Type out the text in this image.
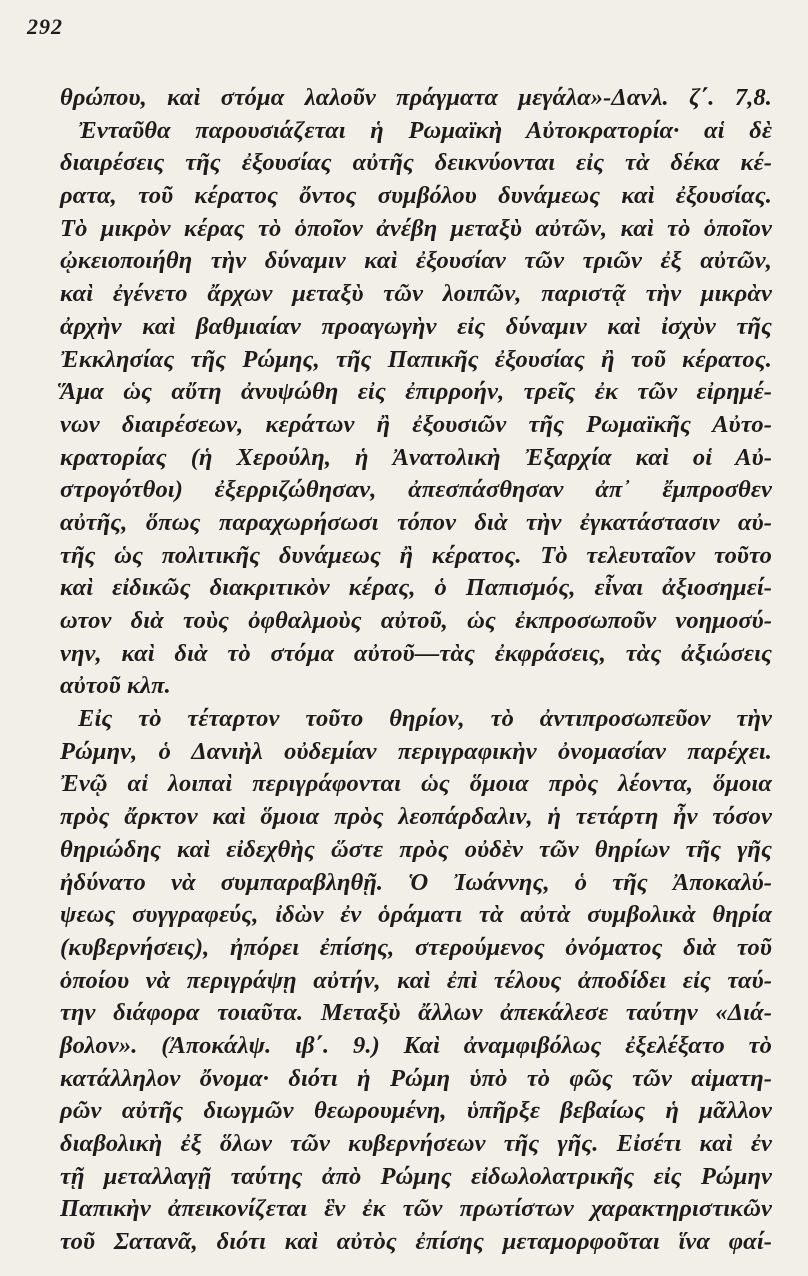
292
θρώπου, καὶ στόμα λαλοῦν πράγματα μεγάλα»-Δανλ. ζ΄. 7,8.
Ἐνταῦθα παρουσιάζεται ἡ Ρωμαϊκὴ Αὐτοκρατορία· αἱ δὲ
διαιρέσεις τῆς ἐξουσίας αὐτῆς δεικνύονται εἰς τὰ δέκα κέ-
ρατα, τοῦ κέρατος ὄντος συμβόλου δυνάμεως καὶ ἐξουσίας.
Τὸ μικρὸν κέρας τὸ ὁποῖον ἀνέβη μεταξὺ αὐτῶν, καὶ τὸ ὁποῖον
ᾠκειοποιήθη τὴν δύναμιν καὶ ἐξουσίαν τῶν τριῶν ἐξ αὐτῶν,
καὶ ἐγένετο ἄρχων μεταξὺ τῶν λοιπῶν, παριστᾷ τὴν μικρὰν
ἀρχὴν καὶ βαθμιαίαν προαγωγὴν εἰς δύναμιν καὶ ἰσχὺν τῆς
Ἐκκλησίας τῆς Ρώμης, τῆς Παπικῆς ἐξουσίας ἢ τοῦ κέρατος.
Ἅμα ὡς αὔτη ἀνυψώθη εἰς ἐπιρροήν, τρεῖς ἐκ τῶν εἰρημέ-
νων διαιρέσεων, κεράτων ἢ ἐξουσιῶν τῆς Ρωμαϊκῆς Αὐτο-
κρατορίας (ἡ Χερούλη, ἡ Ἀνατολικὴ Ἐξαρχία καὶ οἱ Αὐ-
στρογότθοι) ἐξερριζώθησαν, ἀπεσπάσθησαν ἀπ᾽ ἔμπροσθεν
αὐτῆς, ὅπως παραχωρήσωσι τόπον διὰ τὴν ἐγκατάστασιν αὐ-
τῆς ὡς πολιτικῆς δυνάμεως ἢ κέρατος. Τὸ τελευταῖον τοῦτο
καὶ εἰδικῶς διακριτικὸν κέρας, ὁ Παπισμός, εἶναι ἀξιοσημεί-
ωτον διὰ τοὺς ὀφθαλμοὺς αὐτοῦ, ὡς ἐκπροσωποῦν νοημοσύ-
νην, καὶ διὰ τὸ στόμα αὐτοῦ—τὰς ἐκφράσεις, τὰς ἀξιώσεις
αὐτοῦ κλπ.
Εἰς τὸ τέταρτον τοῦτο θηρίον, τὸ ἀντιπροσωπεῦον τὴν
Ρώμην, ὁ Δανιὴλ οὐδεμίαν περιγραφικὴν ὀνομασίαν παρέχει.
Ἐνῷ αἱ λοιπαὶ περιγράφονται ὡς ὅμοια πρὸς λέοντα, ὅμοια
πρὸς ἄρκτον καὶ ὅμοια πρὸς λεοπάρδαλιν, ἡ τετάρτη ἦν τόσον
θηριώδης καὶ εἰδεχθὴς ὥστε πρὸς οὐδὲν τῶν θηρίων τῆς γῆς
ἠδύνατο νὰ συμπαραβληθῇ. Ὁ Ἰωάννης, ὁ τῆς Ἀποκαλύ-
ψεως συγγραφεύς, ἰδὼν ἐν ὁράματι τὰ αὐτὰ συμβολικὰ θηρία
(κυβερνήσεις), ἠπόρει ἐπίσης, στερούμενος ὀνόματος διὰ τοῦ
ὁποίου νὰ περιγράψῃ αὐτήν, καὶ ἐπὶ τέλους ἀποδίδει εἰς ταύ-
την διάφορα τοιαῦτα. Μεταξὺ ἄλλων ἀπεκάλεσε ταύτην «Διά-
βολον». (Ἀποκάλψ. ιβ΄. 9.) Καὶ ἀναμφιβόλως ἐξελέξατο τὸ
κατάλληλον ὄνομα· διότι ἡ Ρώμη ὑπὸ τὸ φῶς τῶν αἱματη-
ρῶν αὐτῆς διωγμῶν θεωρουμένη, ὑπῆρξε βεβαίως ἡ μᾶλλον
διαβολικὴ ἐξ ὅλων τῶν κυβερνήσεων τῆς γῆς. Εἰσέτι καὶ ἐν
τῇ μεταλλαγῇ ταύτης ἀπὸ Ρώμης εἰδωλολατρικῆς εἰς Ρώμην
Παπικὴν ἀπεικονίζεται ἓν ἐκ τῶν πρωτίστων χαρακτηριστικῶν
τοῦ Σατανᾶ, διότι καὶ αὐτὸς ἐπίσης μεταμορφοῦται ἵνα φαί-
